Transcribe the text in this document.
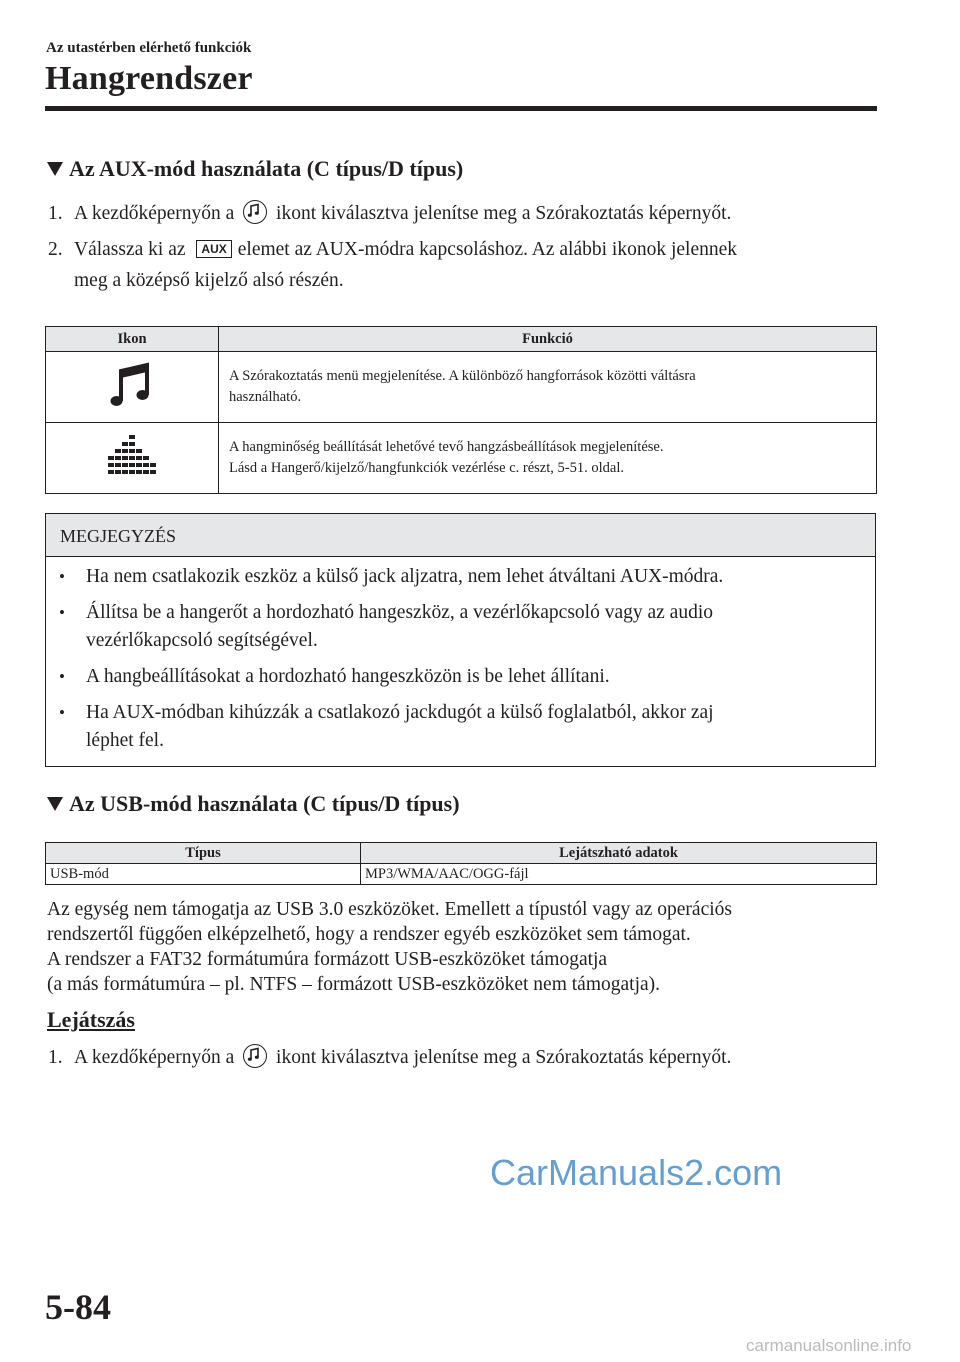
Az utastérben elérhető funkciók
Hangrendszer
Az AUX-mód használata (C típus/D típus)
1. A kezdőképernyőn a ikont kiválasztva jelenítse meg a Szórakoztatás képernyőt.
2. Válassza ki az AUX elemet az AUX-módra kapcsoláshoz. Az alábbi ikonok jelennek
meg a középső kijelző alsó részén.
Ikon	Funkció
	A Szórakoztatás menü megjelenítése. A különböző hangforrások közötti váltásra
használható.
	A hangminőség beállítását lehetővé tevő hangzásbeállítások megjelenítése.
Lásd a Hangerő/kijelző/hangfunkciók vezérlése c. részt, 5-51. oldal.
MEGJEGYZÉS
• Ha nem csatlakozik eszköz a külső jack aljzatra, nem lehet átváltani AUX-módra.
• Állítsa be a hangerőt a hordozható hangeszköz, a vezérlőkapcsoló vagy az audio
vezérlőkapcsoló segítségével.
• A hangbeállításokat a hordozható hangeszközön is be lehet állítani.
• Ha AUX-módban kihúzzák a csatlakozó jackdugót a külső foglalatból, akkor zaj
léphet fel.
Az USB-mód használata (C típus/D típus)
Típus	Lejátszható adatok
USB-mód	MP3/WMA/AAC/OGG-fájl
Az egység nem támogatja az USB 3.0 eszközöket. Emellett a típustól vagy az operációs
rendszertől függően elképzelhető, hogy a rendszer egyéb eszközöket sem támogat.
A rendszer a FAT32 formátumúra formázott USB-eszközöket támogatja
(a más formátumúra – pl. NTFS – formázott USB-eszközöket nem támogatja).
Lejátszás
1. A kezdőképernyőn a ikont kiválasztva jelenítse meg a Szórakoztatás képernyőt.
CarManuals2.com
5-84
carmanualsonline.info
